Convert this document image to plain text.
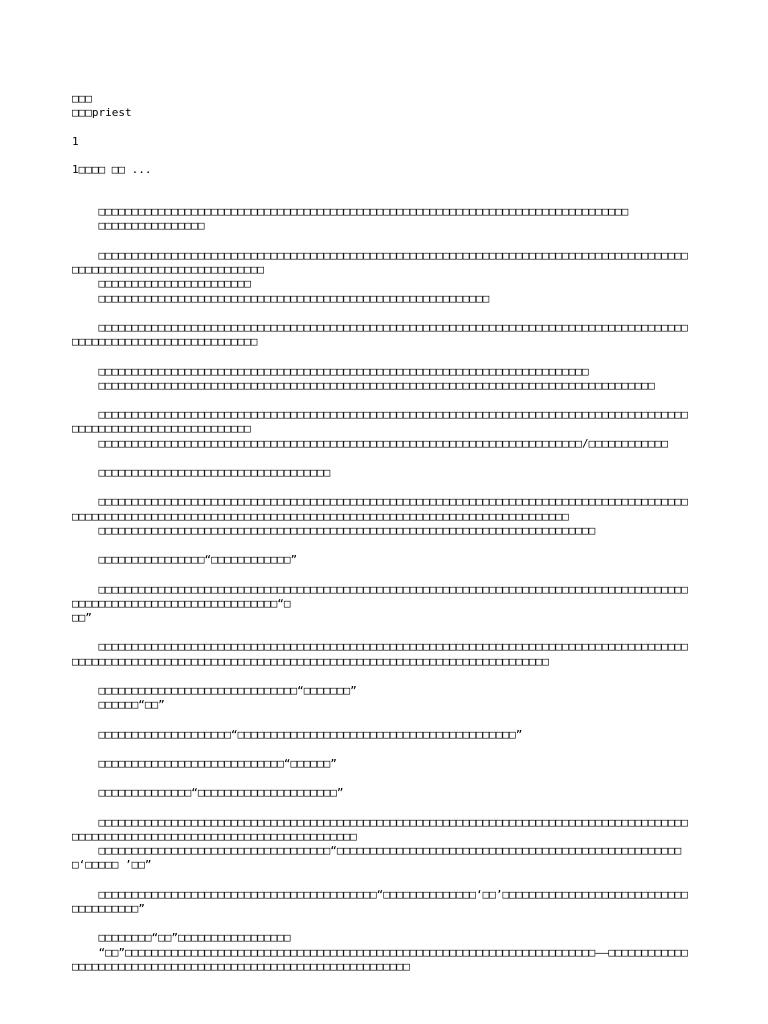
□□□
□□□priest
1
1□□□□ □□ ...
□□□□□□□□□□□□□□□□□□□□□□□□□□□□□□□□□□□□□□□□□□□□□□□□□□□□□□□□□□□□□□□□□□□□□□□□□□□□□□□□
□□□□□□□□□□□□□□□□
□□□□□□□□□□□□□□□□□□□□□□□□□□□□□□□□□□□□□□□□□□□□□□□□□□□□□□□□□□□□□□□□□□□□□□□□□□□□□□□□□□□□□□□□□□□□□□□□□□□□□□□□□□□□□□□□□□□□□□
□□□□□□□□□□□□□□□□□□□□□□□
□□□□□□□□□□□□□□□□□□□□□□□□□□□□□□□□□□□□□□□□□□□□□□□□□□□□□□□□□□□
□□□□□□□□□□□□□□□□□□□□□□□□□□□□□□□□□□□□□□□□□□□□□□□□□□□□□□□□□□□□□□□□□□□□□□□□□□□□□□□□□□□□□□□□□□□□□□□□□□□□□□□□□□□□□□□□□□□□□
□□□□□□□□□□□□□□□□□□□□□□□□□□□□□□□□□□□□□□□□□□□□□□□□□□□□□□□□□□□□□□□□□□□□□□□□□□
□□□□□□□□□□□□□□□□□□□□□□□□□□□□□□□□□□□□□□□□□□□□□□□□□□□□□□□□□□□□□□□□□□□□□□□□□□□□□□□□□□□□
□□□□□□□□□□□□□□□□□□□□□□□□□□□□□□□□□□□□□□□□□□□□□□□□□□□□□□□□□□□□□□□□□□□□□□□□□□□□□□□□□□□□□□□□□□□□□□□□□□□□□□□□□□□□□□□□□□□□
□□□□□□□□□□□□□□□□□□□□□□□□□□□□□□□□□□□□□□□□□□□□□□□□□□□□□□□□□□□□□□□□□□□□□□□□□/□□□□□□□□□□□□
□□□□□□□□□□□□□□□□□□□□□□□□□□□□□□□□□□□
□□□□□□□□□□□□□□□□□□□□□□□□□□□□□□□□□□□□□□□□□□□□□□□□□□□□□□□□□□□□□□□□□□□□□□□□□□□□□□□□□□□□□□□□□□□□□□□□□□□□□□□□□□□□□□□□□□□□□□□□□□□□□□□□□□□□□□□□□□□□□□□□□□□□□□□□□□□□□□□□□□□□
□□□□□□□□□□□□□□□□□□□□□□□□□□□□□□□□□□□□□□□□□□□□□□□□□□□□□□□□□□□□□□□□□□□□□□□□□□□
□□□□□□□□□□□□□□□□“□□□□□□□□□□□□”
□□□□□□□□□□□□□□□□□□□□□□□□□□□□□□□□□□□□□□□□□□□□□□□□□□□□□□□□□□□□□□□□□□□□□□□□□□□□□□□□□□□□□□□□□□□□□□□□□□□□□□□□□□□□□□□□□□□□□□□□“□
□□”
□□□□□□□□□□□□□□□□□□□□□□□□□□□□□□□□□□□□□□□□□□□□□□□□□□□□□□□□□□□□□□□□□□□□□□□□□□□□□□□□□□□□□□□□□□□□□□□□□□□□□□□□□□□□□□□□□□□□□□□□□□□□□□□□□□□□□□□□□□□□□□□□□□□□□□□□□□□□□□□□□
□□□□□□□□□□□□□□□□□□□□□□□□□□□□□□“□□□□□□□”
□□□□□□“□□”
□□□□□□□□□□□□□□□□□□□□“□□□□□□□□□□□□□□□□□□□□□□□□□□□□□□□□□□□□□□□□□□”
□□□□□□□□□□□□□□□□□□□□□□□□□□□□“□□□□□□”
□□□□□□□□□□□□□□“□□□□□□□□□□□□□□□□□□□□□”
□□□□□□□□□□□□□□□□□□□□□□□□□□□□□□□□□□□□□□□□□□□□□□□□□□□□□□□□□□□□□□□□□□□□□□□□□□□□□□□□□□□□□□□□□□□□□□□□□□□□□□□□□□□□□□□□□□□□□□□□□□□□□□□□□□□□
□□□□□□□□□□□□□□□□□□□□□□□□□□□□□□□□□□□“□□□□□□□□□□□□□□□□□□□□□□□□□□□□□□□□□□□□□□□□□□□□□□□□□□□□□‘□□□□□ ’□□”
□□□□□□□□□□□□□□□□□□□□□□□□□□□□□□□□□□□□□□□□□□“□□□□□□□□□□□□□□‘□□’□□□□□□□□□□□□□□□□□□□□□□□□□□□□□□□□□□□□□□”
□□□□□□□□“□□”□□□□□□□□□□□□□□□□□
“□□”□□□□□□□□□□□□□□□□□□□□□□□□□□□□□□□□□□□□□□□□□□□□□□□□□□□□□□□□□□□□□□□□□□□□□□□——□□□□□□□□□□□□□□□□□□□□□□□□□□□□□□□□□□□□□□□□□□□□□□□□□□□□□□□□□□□□□□□
